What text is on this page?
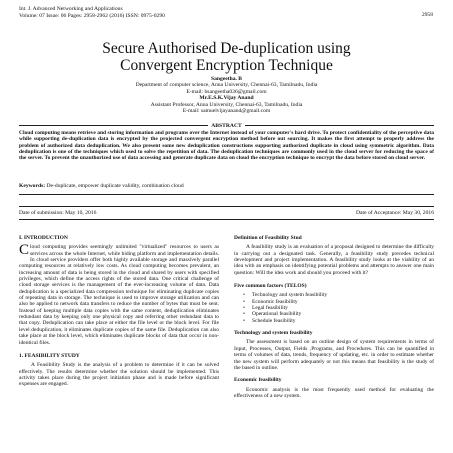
Int. J. Advanced Networking and Applications
Volume: 07 Issue: 06 Pages: 2958-2962 (2016) ISSN: 0975-0290	2958
Secure Authorised De-duplication using
Convergent Encryption Technique
Sangeetha. B
Department of computer science, Anna University, Chennai-63, Tamilnadu, India
E-mail: bsangeetha036@gmail.com
Mr.E.S.K.Vijay Anand
Assistant Professor, Anna University, Chennai-63, Tamilnadu, India
E-mail: samuelvijayanand@gmail.com
ABSTRACT
Cloud computing means retrieve and storing information and programs over the Internet instead of your computer's hard drive. To protect confidentiality of the perceptive data while supporting de-duplication data is encrypted by the projected convergent encryption method before out sourcing. It makes the first attempt to properly address the problem of authorized data deduplication. We also present some new deduplication constructions supporting authorized duplicate in cloud using symmetric algorithm. Data deduplication is one of the techniques which used to solve the repetition of data. The deduplication techniques are commonly used in the cloud server for reducing the space of the server. To prevent the unauthorized use of data accessing and generate duplicate data on cloud the encryption technique to encrypt the data before stored on cloud server.
Keywords: De-duplicate, empower duplicate validity, combination cloud
Date of submission: May 10, 2016	Date of Acceptance: May 30, 2016

I. INTRODUCTION

Cloud computing provides seemingly unlimited "virtualized" resources to users as services across the whole Internet, while hiding platform and implementation details. In cloud service providers offer both highly available storage and massively parallel computing resources at relatively low costs. As cloud computing becomes prevalent, an increasing amount of data is being stored in the cloud and shared by users with specified privileges, which define the access rights of the stored data. One critical challenge of cloud storage services is the management of the ever-increasing volume of data. Data deduplication is a specialized data compression technique for eliminating duplicate copies of repeating data in storage. The technique is used to improve storage utilization and can also be applied to network data transfers to reduce the number of bytes that must be sent. Instead of keeping multiple data copies with the same content, deduplication eliminates redundant data by keeping only one physical copy and referring other redundant data to that copy. Deduplication can take place at either the file level or the block level. For file level deduplication, it eliminates duplicate copies of the same file. Deduplication can also take place at the block level, which eliminates duplicate blocks of data that occur in non-identical files.

1. FEASIBILITY STUDY

A Feasibility Study is the analysis of a problem to determine if it can be solved effectively. The results determine whether the solution should be implemented. This activity takes place during the project initiation phase and is made before significant expenses are engaged.

Definition of Feasibility Stud

A feasibility study is an evaluation of a proposal designed to determine the difficulty in carrying out a designated task. Generally, a feasibility study precedes technical development and project implementation. A feasibility study looks at the viability of an idea with an emphasis on identifying potential problems and attempts to answer one main question: Will the idea work and should you proceed with it?

Five common factors (TELOS)

• Technology and system feasibility
• Economic feasibility
• Legal feasibility
• Operational feasibility
• Schedule feasibility

Technology and system feasibility

The assessment is based on an outline design of system requirements in terms of Input, Processes, Output, Fields ,Programs, and Procedures. This can be quantified in terms of volumes of data, trends, frequency of updating, etc. in order to estimate whether the new system will perform adequately or not this means that feasibility is the study of the based in outline.

Economic feasibility

Economic analysis is the most frequently used method for evaluating the effectiveness of a new system.
